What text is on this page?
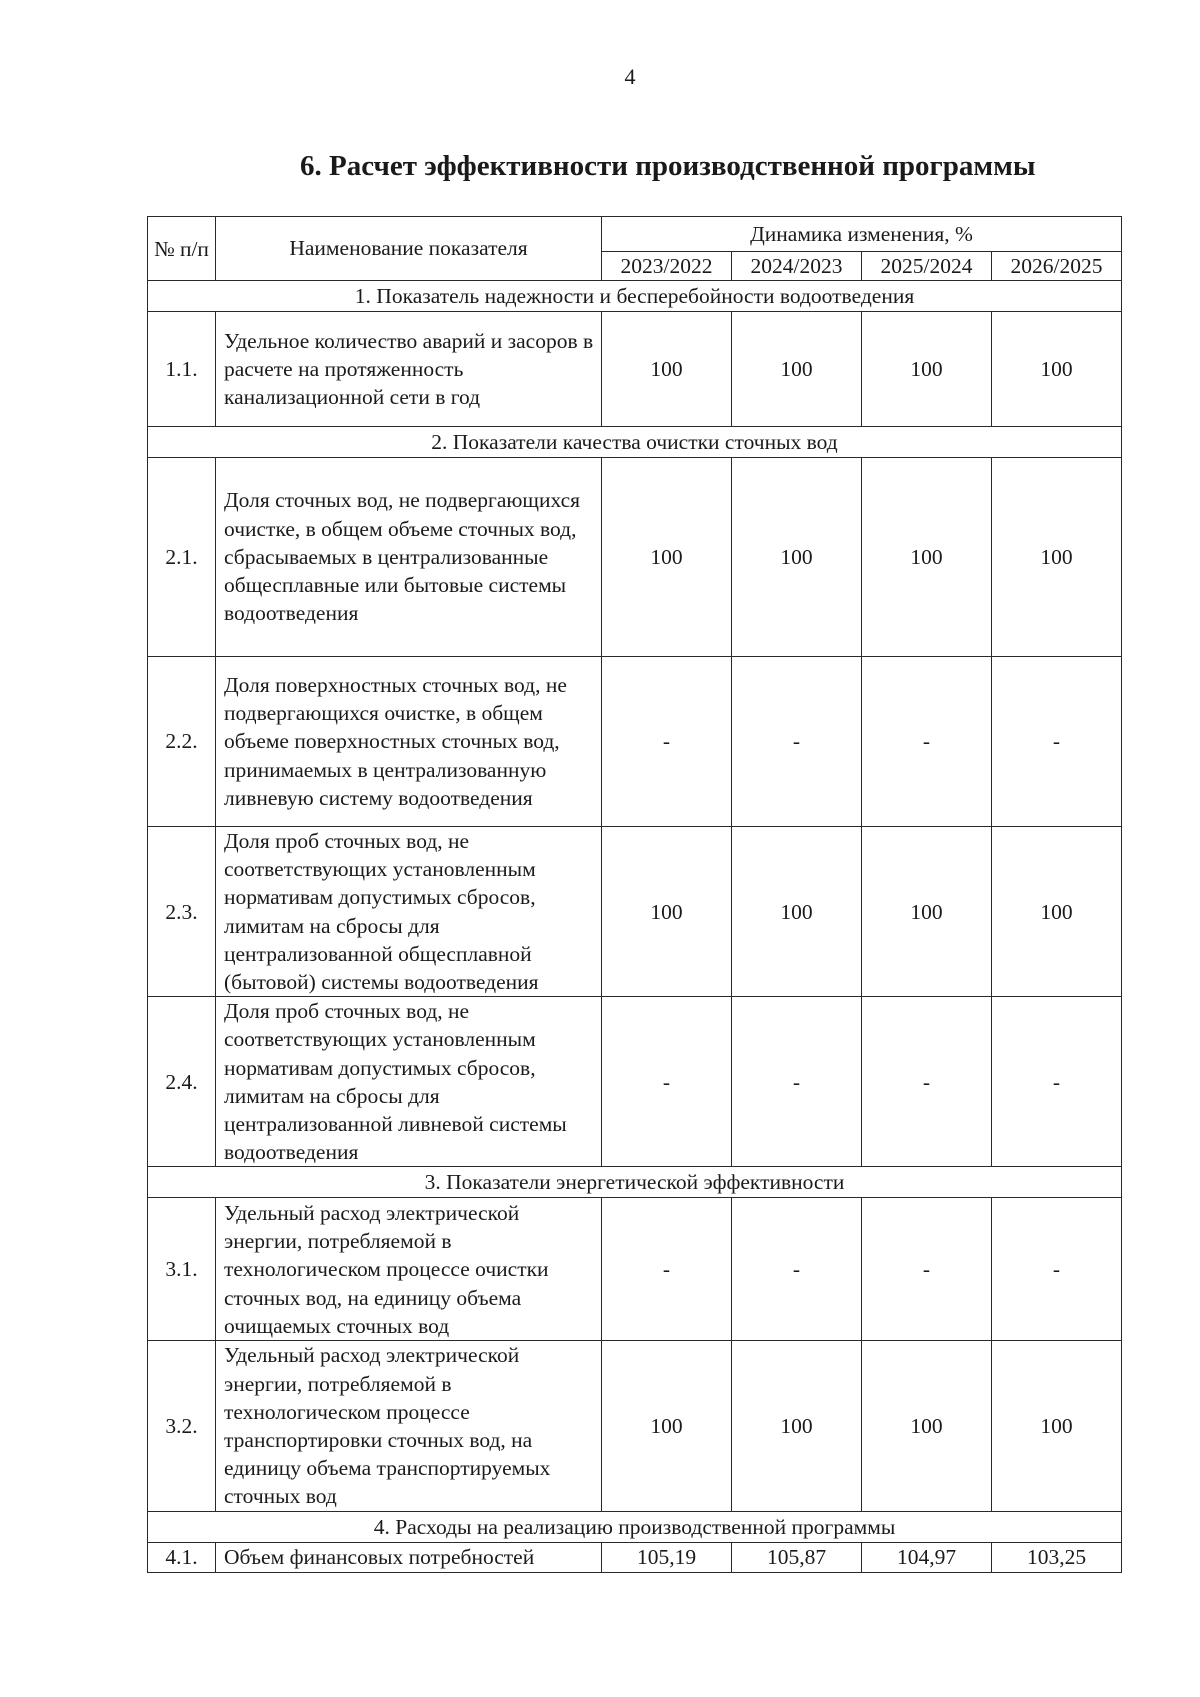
4
6. Расчет эффективности производственной программы
№ п/п	Наименование показателя	Динамика изменения, %			
		2023/2022	2024/2023	2025/2024	2026/2025
1. Показатель надежности и бесперебойности водоотведения					
1.1.	Удельное количество аварий и засоров в расчете на протяженность канализационной сети в год	100	100	100	100
2. Показатели качества очистки сточных вод					
2.1.	Доля сточных вод, не подвергающихся очистке, в общем объеме сточных вод, сбрасываемых в централизованные общесплавные или бытовые системы водоотведения	100	100	100	100
2.2.	Доля поверхностных сточных вод, не подвергающихся очистке, в общем объеме поверхностных сточных вод, принимаемых в централизованную ливневую систему водоотведения	-	-	-	-
2.3.	Доля проб сточных вод, не соответствующих установленным нормативам допустимых сбросов, лимитам на сбросы для централизованной общесплавной (бытовой) системы водоотведения	100	100	100	100
2.4.	Доля проб сточных вод, не соответствующих установленным нормативам допустимых сбросов, лимитам на сбросы для централизованной ливневой системы водоотведения	-	-	-	-
3. Показатели энергетической эффективности					
3.1.	Удельный расход электрической энергии, потребляемой в технологическом процессе очистки сточных вод, на единицу объема очищаемых сточных вод	-	-	-	-
3.2.	Удельный расход электрической энергии, потребляемой в технологическом процессе транспортировки сточных вод, на единицу объема транспортируемых сточных вод	100	100	100	100
4. Расходы на реализацию производственной программы					
4.1.	Объем финансовых потребностей	105,19	105,87	104,97	103,25
